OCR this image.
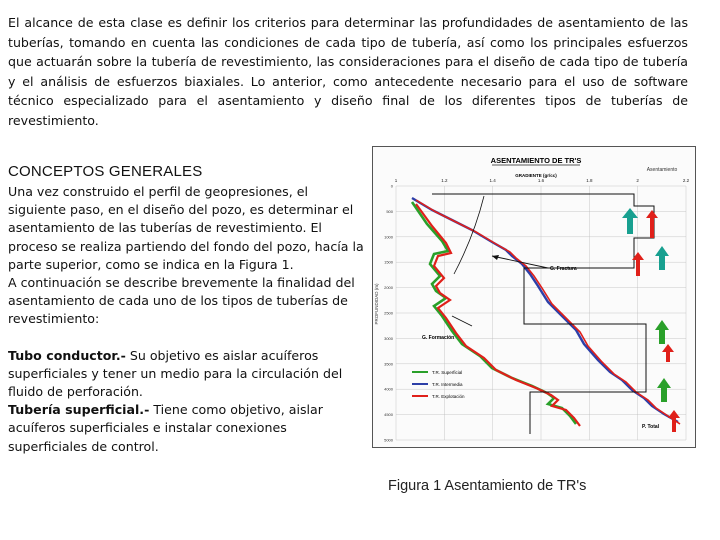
El alcance de esta clase es definir los criterios para determinar las profundidades de asentamiento de las tuberías, tomando en cuenta las condiciones de cada tipo de tubería, así como los principales esfuerzos que actuarán sobre la tubería de revestimiento, las consideraciones para el diseño de cada tipo de tubería y el análisis de esfuerzos biaxiales. Lo anterior, como antecedente necesario para el uso de software técnico especializado para el asentamiento y diseño final de los diferentes tipos de tuberías de revestimiento.

CONCEPTOS GENERALES

Una vez construido el perfil de geopresiones, el siguiente paso, en el diseño del pozo, es determinar el asentamiento de las tuberías de revestimiento. El proceso se realiza partiendo del fondo del pozo, hacía la parte superior, como se indica en la Figura 1.

A continuación se describe brevemente la finalidad del asentamiento de cada uno de los tipos de tuberías de revestimiento:

Tubo conductor.- Su objetivo es aislar acuíferos superficiales y tener un medio para la circulación del fluido de perforación.

Tubería superficial.- Tiene como objetivo, aislar acuíferos superficiales e instalar conexiones superficiales de control.

ASENTAMIENTO DE TR'S
GRADIENTE (gr/cc)
Asentamiento
1	1.2	1.4	1.6	1.8	2	2.2
0
500
1000
1500
2000
2500
3000
3500
4000
4500
5000
PROFUNDIDAD (m)
G. Fractura
G. Formación
T.R. Superficial
T.R. Intermedia
T.R. Explotación
P. Total
Figura 1 Asentamiento de TR's
